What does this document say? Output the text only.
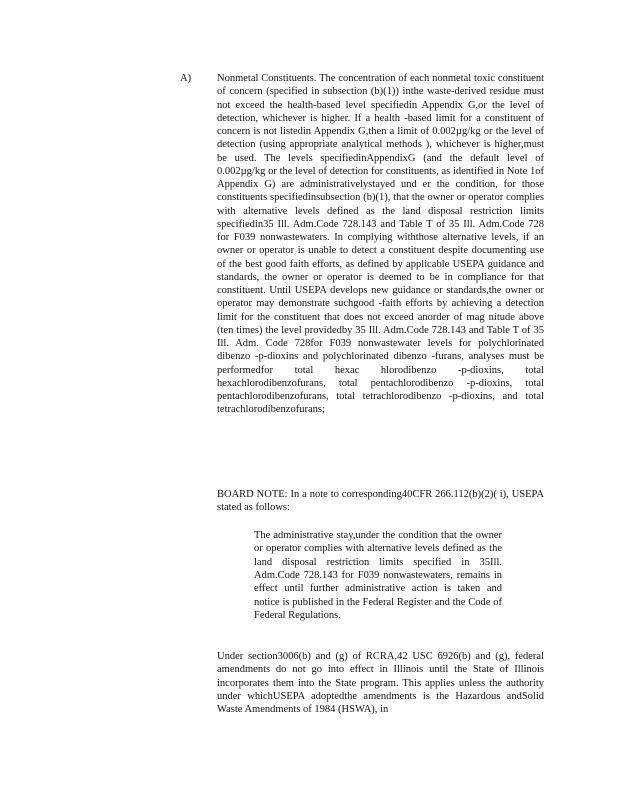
A) Nonmetal Constituents. The concentration of each nonmetal toxic constituent of concern (specified in subsection (b)(1)) inthe waste-derived residue must not exceed the health-based level specifiedin Appendix G,or the level of detection, whichever is higher. If a health -based limit for a constituent of concern is not listedin Appendix G,then a limit of 0.002µg/kg or the level of detection (using appropriate analytical methods ), whichever is higher,must be used. The levels specifiedinAppendixG (and the default level of 0.002µg/kg or the level of detection for constituents, as identified in Note 1of Appendix G) are administrativelystayed und er the condition, for those constituents specifiedinsubsection (b)(1), that the owner or operator complies with alternative levels defined as the land disposal restriction limits specifiedin35 Ill. Adm.Code 728.143 and Table T of 35 Ill. Adm.Code 728 for F039 nonwastewaters. In complying withthose alternative levels, if an owner or operator is unable to detect a constituent despite documenting use of the best good faith efforts, as defined by applicable USEPA guidance and standards, the owner or operator is deemed to be in compliance for that constituent. Until USEPA develops new guidance or standards,the owner or operator may demonstrate suchgood -faith efforts by achieving a detection limit for the constituent that does not exceed anorder of mag nitude above (ten times) the level providedby 35 Ill. Adm.Code 728.143 and Table T of 35 Ill. Adm. Code 728for F039 nonwastewater levels for polychlorinated dibenzo -p-dioxins and polychlorinated dibenzo -furans, analyses must be performedfor total hexac hlorodibenzo -p-dioxins, total hexachlorodibenzofurans, total pentachlorodibenzo -p-dioxins, total pentachlorodibenzofurans, total tetrachlorodibenzo -p-dioxins, and total tetrachlorodibenzofurans;

BOARD NOTE: In a note to corresponding40CFR 266.112(b)(2)( i), USEPA stated as follows:

The administrative stay,under the condition that the owner or operator complies with alternative levels defined as the land disposal restriction limits specified in 35Ill. Adm.Code 728.143 for F039 nonwastewaters, remains in effect until further administrative action is taken and notice is published in the Federal Register and the Code of Federal Regulations.

Under section3006(b) and (g) of RCRA,42 USC 6926(b) and (g), federal amendments do not go into effect in Illinois until the State of Illinois incorporates them into the State program. This applies unless the authority under whichUSEPA adoptedthe amendments is the Hazardous andSolid Waste Amendments of 1984 (HSWA), in
